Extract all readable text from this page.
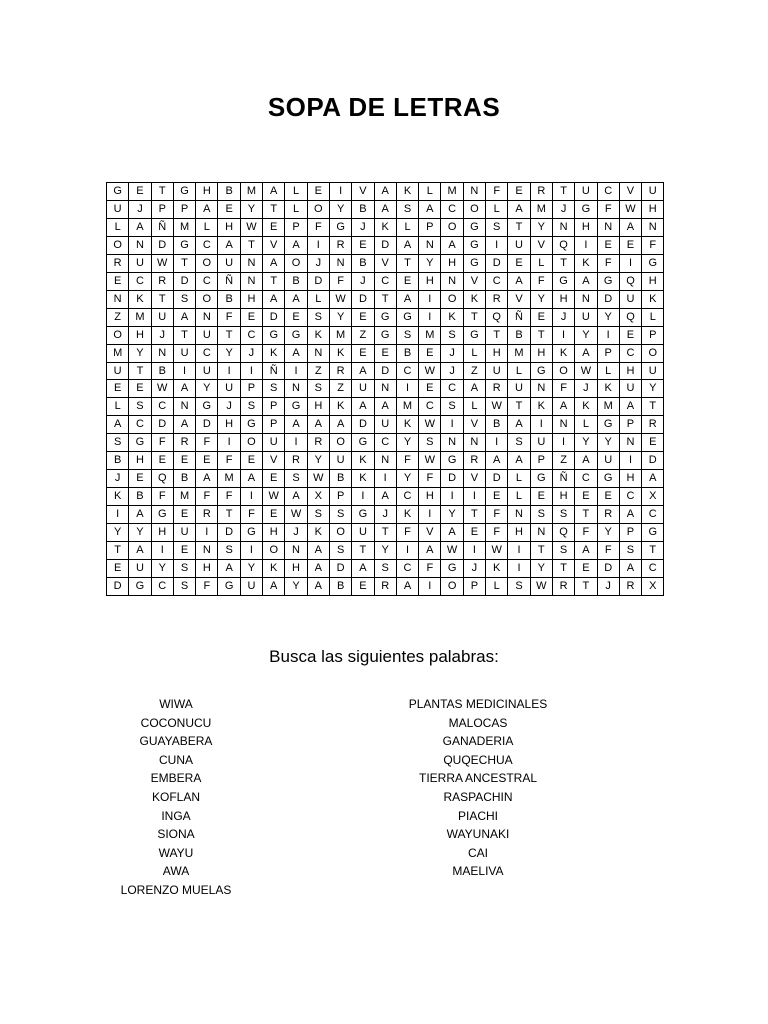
SOPA DE LETRAS
G	E	T	G	H	B	M	A	L	E	I	V	A	K	L	M	N	F	E	R	T	U	C	V	U
U	J	P	P	A	E	Y	T	L	O	Y	B	A	S	A	C	O	L	A	M	J	G	F	W	H
L	A	Ñ	M	L	H	W	E	P	F	G	J	K	L	P	O	G	S	T	Y	N	H	N	A	N
O	N	D	G	C	A	T	V	A	I	R	E	D	A	N	A	G	I	U	V	Q	I	E	E	F
R	U	W	T	O	U	N	A	O	J	N	B	V	T	Y	H	G	D	E	L	T	K	F	I	G
E	C	R	D	C	Ñ	N	T	B	D	F	J	C	E	H	N	V	C	A	F	G	A	G	Q	H
N	K	T	S	O	B	H	A	A	L	W	D	T	A	I	O	K	R	V	Y	H	N	D	U	K
Z	M	U	A	N	F	E	D	E	S	Y	E	G	G	I	K	T	Q	Ñ	E	J	U	Y	Q	L
O	H	J	T	U	T	C	G	G	K	M	Z	G	S	M	S	G	T	B	T	I	Y	I	E	P
M	Y	N	U	C	Y	J	K	A	N	K	E	E	B	E	J	L	H	M	H	K	A	P	C	O
U	T	B	I	U	I	I	Ñ	I	Z	R	A	D	C	W	J	Z	U	L	G	O	W	L	H	U
E	E	W	A	Y	U	P	S	N	S	Z	U	N	I	E	C	A	R	U	N	F	J	K	U	Y
L	S	C	N	G	J	S	P	G	H	K	A	A	M	C	S	L	W	T	K	A	K	M	A	T
A	C	D	A	D	H	G	P	A	A	A	D	U	K	W	I	V	B	A	I	N	L	G	P	R
S	G	F	R	F	I	O	U	I	R	O	G	C	Y	S	N	N	I	S	U	I	Y	Y	N	E
B	H	E	E	E	F	E	V	R	Y	U	K	N	F	W	G	R	A	A	P	Z	A	U	I	D
J	E	Q	B	A	M	A	E	S	W	B	K	I	Y	F	D	V	D	L	G	Ñ	C	G	H	A
K	B	F	M	F	F	I	W	A	X	P	I	A	C	H	I	I	E	L	E	H	E	E	C	X
I	A	G	E	R	T	F	E	W	S	S	G	J	K	I	Y	T	F	N	S	S	T	R	A	C
Y	Y	H	U	I	D	G	H	J	K	O	U	T	F	V	A	E	F	H	N	Q	F	Y	P	G
T	A	I	E	N	S	I	O	N	A	S	T	Y	I	A	W	I	W	I	T	S	A	F	S	T
E	U	Y	S	H	A	Y	K	H	A	D	A	S	C	F	G	J	K	I	Y	T	E	D	A	C
D	G	C	S	F	G	U	A	Y	A	B	E	R	A	I	O	P	L	S	W	R	T	J	R	X
Busca las siguientes palabras:
WIWA
COCONUCU
GUAYABERA
CUNA
EMBERA
KOFLAN
INGA
SIONA
WAYU
AWA
LORENZO MUELAS
PLANTAS MEDICINALES
MALOCAS
GANADERIA
QUQECHUA
TIERRA ANCESTRAL
RASPACHIN
PIACHI
WAYUNAKI
CAI
MAELIVA
